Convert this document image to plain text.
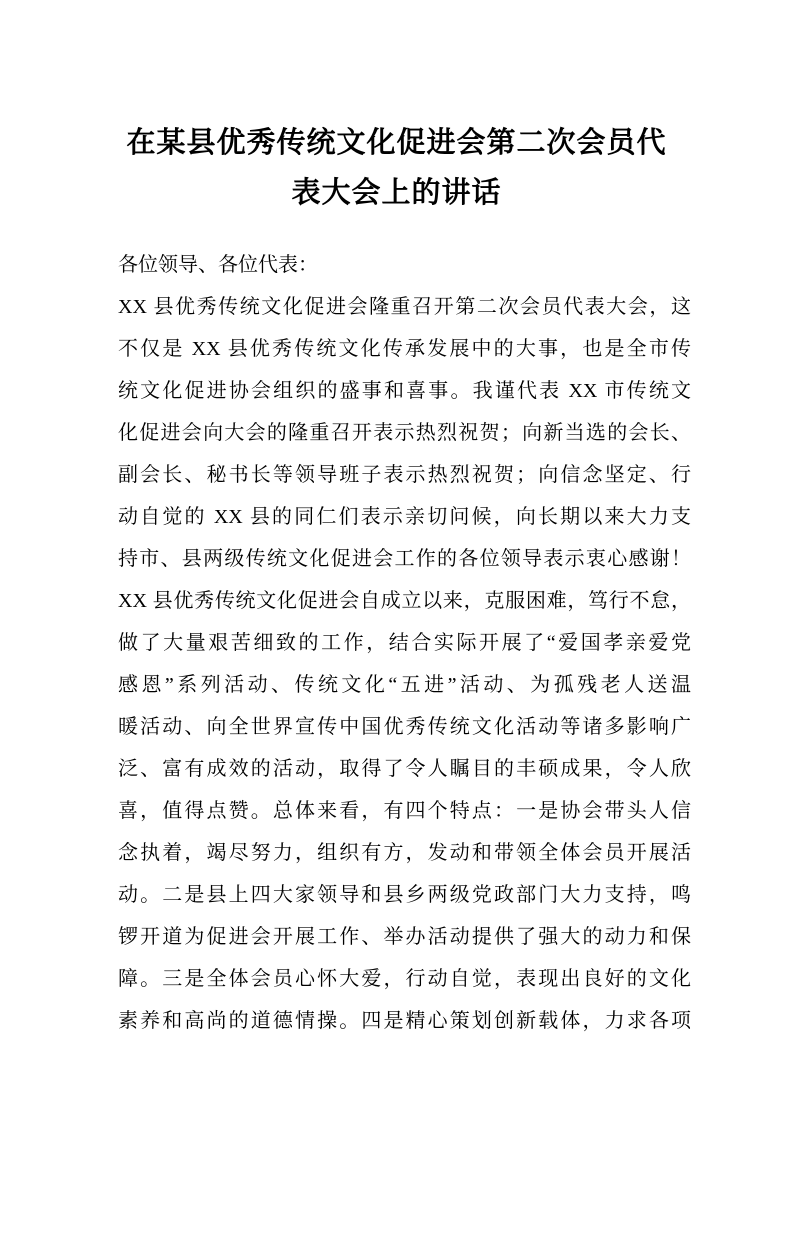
在某县优秀传统文化促进会第二次会员代
表大会上的讲话
各位领导、各位代表：
XX 县优秀传统文化促进会隆重召开第二次会员代表大会，这
不仅是 XX 县优秀传统文化传承发展中的大事，也是全市传
统文化促进协会组织的盛事和喜事。我谨代表 XX 市传统文
化促进会向大会的隆重召开表示热烈祝贺；向新当选的会长、
副会长、秘书长等领导班子表示热烈祝贺；向信念坚定、行
动自觉的 XX 县的同仁们表示亲切问候，向长期以来大力支
持市、县两级传统文化促进会工作的各位领导表示衷心感谢！
XX 县优秀传统文化促进会自成立以来，克服困难，笃行不怠，
做了大量艰苦细致的工作，结合实际开展了“爱国孝亲爱党
感恩”系列活动、传统文化“五进”活动、为孤残老人送温
暖活动、向全世界宣传中国优秀传统文化活动等诸多影响广
泛、富有成效的活动，取得了令人瞩目的丰硕成果，令人欣
喜，值得点赞。总体来看，有四个特点：一是协会带头人信
念执着，竭尽努力，组织有方，发动和带领全体会员开展活
动。二是县上四大家领导和县乡两级党政部门大力支持，鸣
锣开道为促进会开展工作、举办活动提供了强大的动力和保
障。三是全体会员心怀大爱，行动自觉，表现出良好的文化
素养和高尚的道德情操。四是精心策划创新载体，力求各项
